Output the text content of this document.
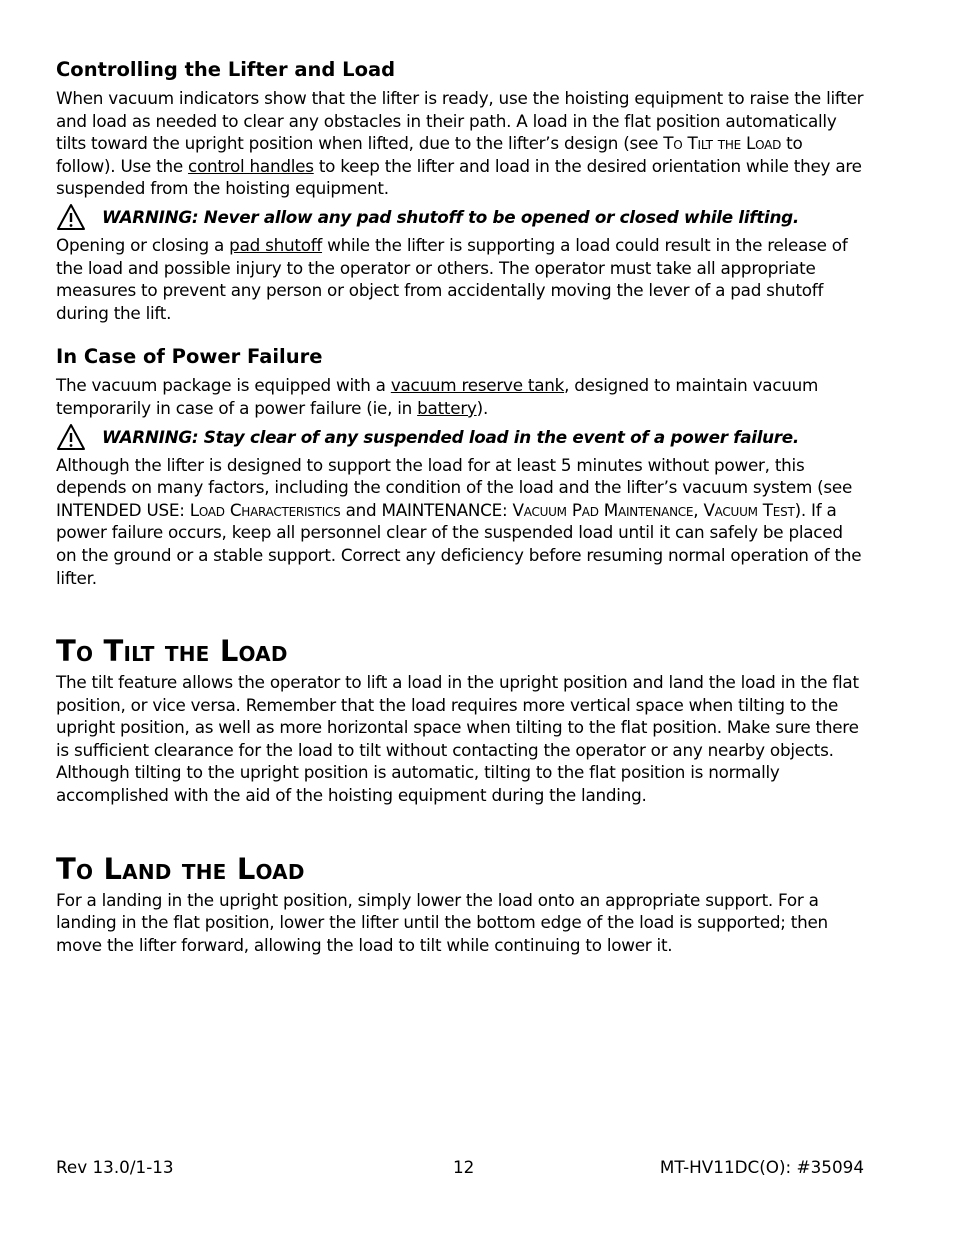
Controlling the Lifter and Load

When vacuum indicators show that the lifter is ready, use the hoisting equipment to raise the lifter and load as needed to clear any obstacles in their path. A load in the flat position automatically tilts toward the upright position when lifted, due to the lifter’s design (see To Tilt the Load to follow). Use the control handles to keep the lifter and load in the desired orientation while they are suspended from the hoisting equipment.

WARNING: Never allow any pad shutoff to be opened or closed while lifting.

Opening or closing a pad shutoff while the lifter is supporting a load could result in the release of the load and possible injury to the operator or others. The operator must take all appropriate measures to prevent any person or object from accidentally moving the lever of a pad shutoff during the lift.

In Case of Power Failure

The vacuum package is equipped with a vacuum reserve tank, designed to maintain vacuum temporarily in case of a power failure (ie, in battery).

WARNING: Stay clear of any suspended load in the event of a power failure.

Although the lifter is designed to support the load for at least 5 minutes without power, this depends on many factors, including the condition of the load and the lifter’s vacuum system (see INTENDED USE: Load Characteristics and MAINTENANCE: Vacuum Pad Maintenance, Vacuum Test). If a power failure occurs, keep all personnel clear of the suspended load until it can safely be placed on the ground or a stable support. Correct any deficiency before resuming normal operation of the lifter.

To Tilt the Load

The tilt feature allows the operator to lift a load in the upright position and land the load in the flat position, or vice versa. Remember that the load requires more vertical space when tilting to the upright position, as well as more horizontal space when tilting to the flat position. Make sure there is sufficient clearance for the load to tilt without contacting the operator or any nearby objects. Although tilting to the upright position is automatic, tilting to the flat position is normally accomplished with the aid of the hoisting equipment during the landing.

To Land the Load

For a landing in the upright position, simply lower the load onto an appropriate support. For a landing in the flat position, lower the lifter until the bottom edge of the load is supported; then move the lifter forward, allowing the load to tilt while continuing to lower it.

Rev 13.0/1-13	12	MT-HV11DC(O): #35094
